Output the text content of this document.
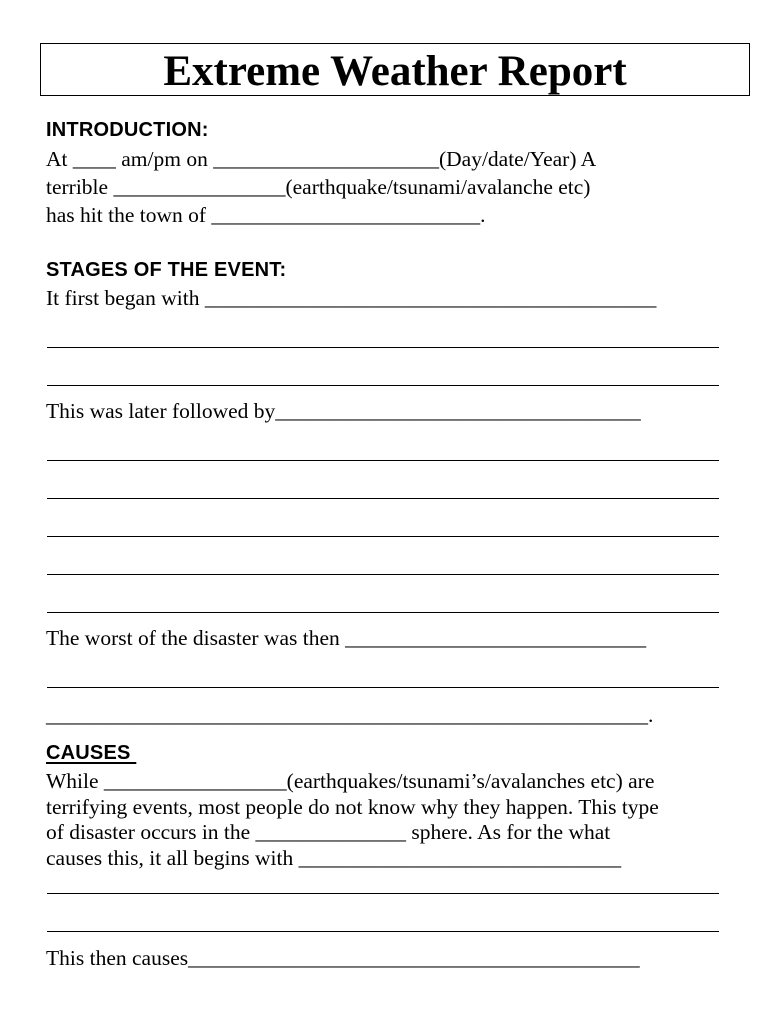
Extreme Weather Report
INTRODUCTION:
At ____ am/pm on _____________________(Day/date/Year) A
terrible ________________(earthquake/tsunami/avalanche etc)
has hit the town of _________________________.
STAGES OF THE EVENT:
It first began with __________________________________________
This was later followed by__________________________________
The worst of the disaster was then ____________________________
________________________________________________________.
CAUSES
While _________________(earthquakes/tsunami’s/avalanches etc) are
terrifying events, most people do not know why they happen. This type
of disaster occurs in the ______________ sphere. As for the what
causes this, it all begins with ______________________________
This then causes__________________________________________
